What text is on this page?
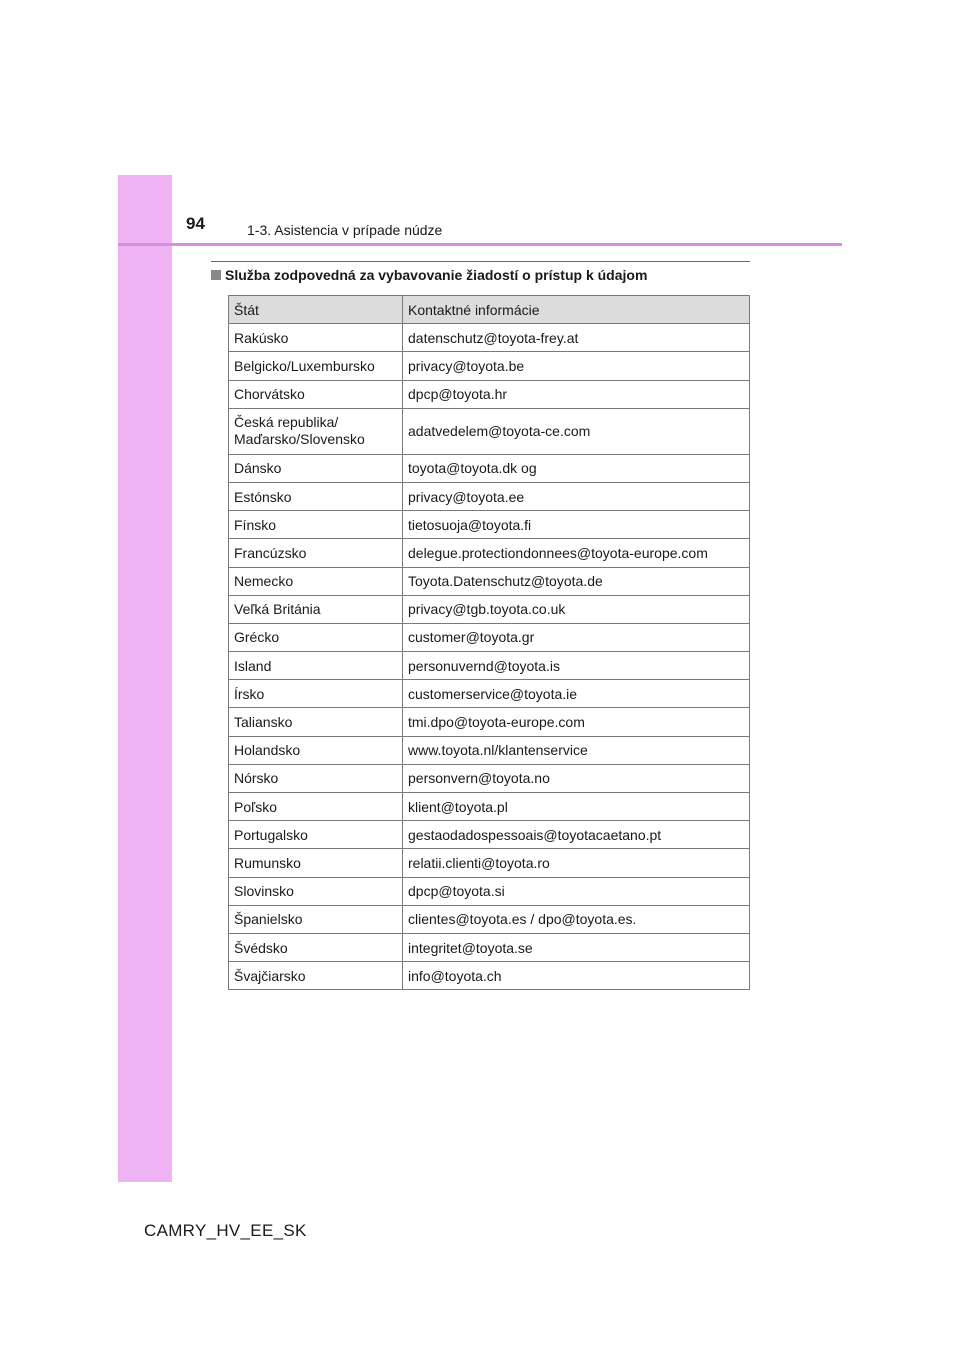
94	1-3. Asistencia v prípade núdze
Služba zodpovedná za vybavovanie žiadostí o prístup k údajom
Štát	Kontaktné informácie
Rakúsko	datenschutz@toyota-frey.at
Belgicko/Luxembursko	privacy@toyota.be
Chorvátsko	dpcp@toyota.hr
Česká republika/
Maďarsko/Slovensko	adatvedelem@toyota-ce.com
Dánsko	toyota@toyota.dk og
Estónsko	privacy@toyota.ee
Fínsko	tietosuoja@toyota.fi
Francúzsko	delegue.protectiondonnees@toyota-europe.com
Nemecko	Toyota.Datenschutz@toyota.de
Veľká Británia	privacy@tgb.toyota.co.uk
Grécko	customer@toyota.gr
Island	personuvernd@toyota.is
Írsko	customerservice@toyota.ie
Taliansko	tmi.dpo@toyota-europe.com
Holandsko	www.toyota.nl/klantenservice
Nórsko	personvern@toyota.no
Poľsko	klient@toyota.pl
Portugalsko	gestaodadospessoais@toyotacaetano.pt
Rumunsko	relatii.clienti@toyota.ro
Slovinsko	dpcp@toyota.si
Španielsko	clientes@toyota.es / dpo@toyota.es.
Švédsko	integritet@toyota.se
Švajčiarsko	info@toyota.ch
CAMRY_HV_EE_SK
